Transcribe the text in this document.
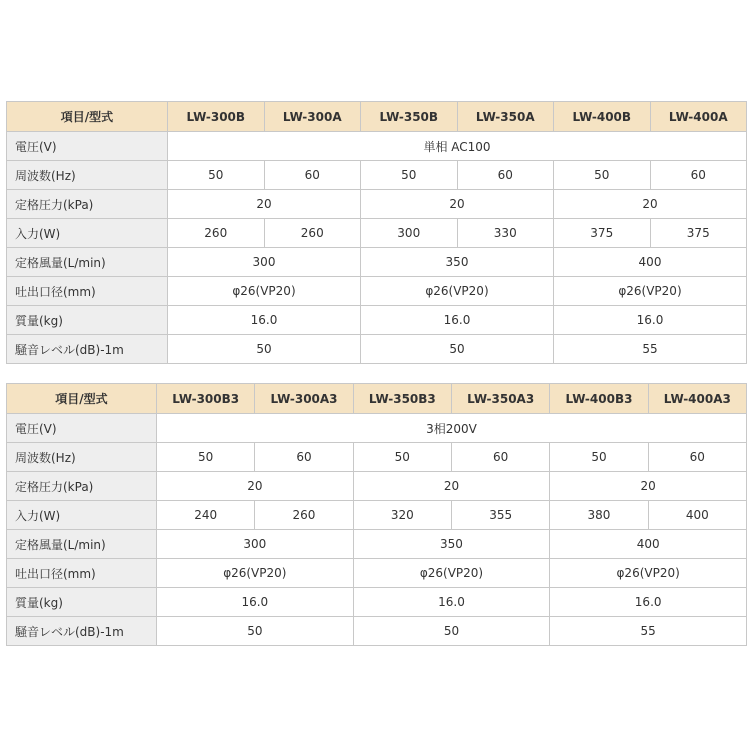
項目/型式	LW-300B	LW-300A	LW-350B	LW-350A	LW-400B	LW-400A
電圧(V)	単相 AC100					
周波数(Hz)	50	60	50	60	50	60
定格圧力(kPa)	20		20		20	
入力(W)	260	260	300	330	375	375
定格風量(L/min)	300		350		400	
吐出口径(mm)	φ26(VP20)		φ26(VP20)		φ26(VP20)	
質量(kg)	16.0		16.0		16.0	
騒音レベル(dB)-1m	50		50		55	
項目/型式	LW-300B3	LW-300A3	LW-350B3	LW-350A3	LW-400B3	LW-400A3
電圧(V)	3相200V					
周波数(Hz)	50	60	50	60	50	60
定格圧力(kPa)	20		20		20	
入力(W)	240	260	320	355	380	400
定格風量(L/min)	300		350		400	
吐出口径(mm)	φ26(VP20)		φ26(VP20)		φ26(VP20)	
質量(kg)	16.0		16.0		16.0	
騒音レベル(dB)-1m	50		50		55	
